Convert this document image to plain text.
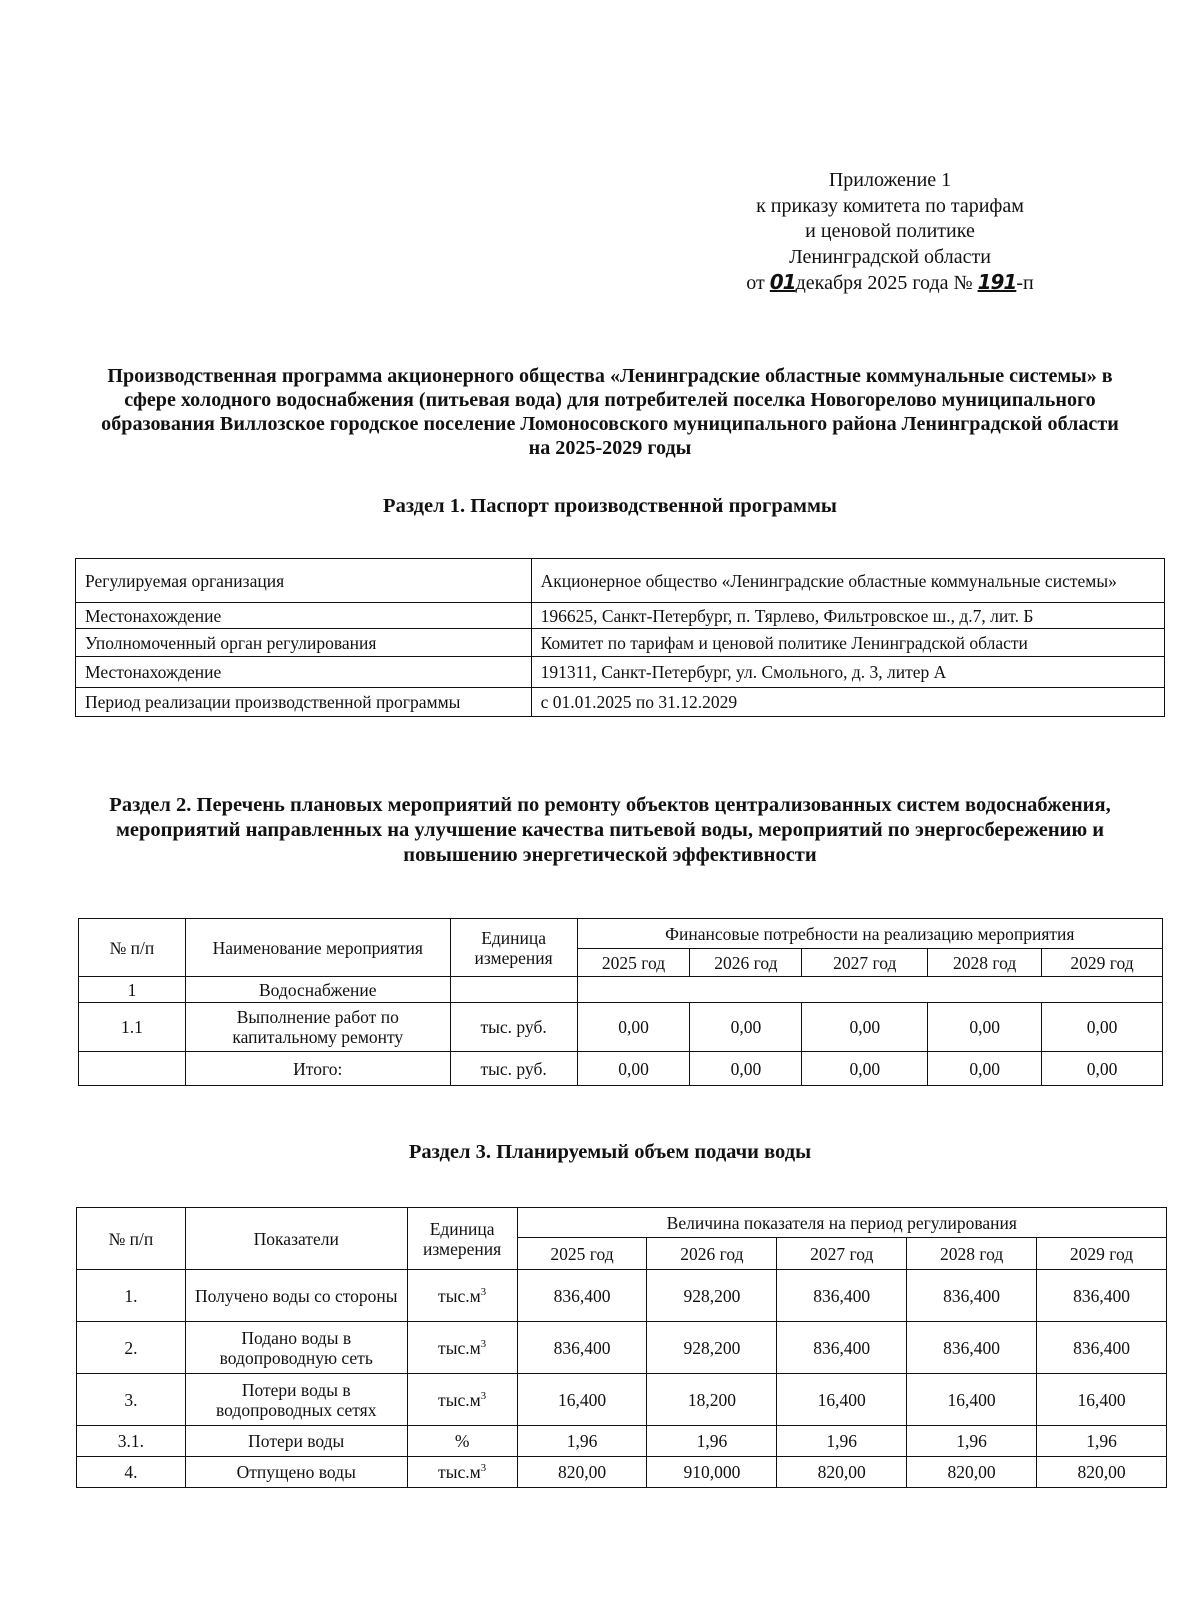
Приложение 1
к приказу комитета по тарифам
и ценовой политике
Ленинградской области
от 01декабря 2025 года № 191-п
Производственная программа акционерного общества «Ленинградские областные коммунальные системы» в сфере холодного водоснабжения (питьевая вода) для потребителей поселка Новогорелово муниципального образования Виллозское городское поселение Ломоносовского муниципального района Ленинградской области на 2025-2029 годы
Раздел 1. Паспорт производственной программы
Регулируемая организация	Акционерное общество «Ленинградские областные коммунальные системы»
Местонахождение	196625, Санкт-Петербург, п. Тярлево, Фильтровское ш., д.7, лит. Б
Уполномоченный орган регулирования	Комитет по тарифам и ценовой политике Ленинградской области
Местонахождение	191311, Санкт-Петербург, ул. Смольного, д. 3, литер А
Период реализации производственной программы	с 01.01.2025 по 31.12.2029
Раздел 2. Перечень плановых мероприятий по ремонту объектов централизованных систем водоснабжения, мероприятий направленных на улучшение качества питьевой воды, мероприятий по энергосбережению и повышению энергетической эффективности
№ п/п	Наименование мероприятия	Единица измерения	Финансовые потребности на реализацию мероприятия				
			2025 год	2026 год	2027 год	2028 год	2029 год
1	Водоснабжение						
1.1	Выполнение работ по капитальному ремонту	тыс. руб.	0,00	0,00	0,00	0,00	0,00
	Итого:	тыс. руб.	0,00	0,00	0,00	0,00	0,00
Раздел 3. Планируемый объем подачи воды
№ п/п	Показатели	Единица измерения	Величина показателя на период регулирования				
			2025 год	2026 год	2027 год	2028 год	2029 год
1.	Получено воды со стороны	$тыс.м^3$	836,400	928,200	836,400	836,400	836,400
2.	Подано воды в водопроводную сеть	$тыс.м^3$	836,400	928,200	836,400	836,400	836,400
3.	Потери воды в водопроводных сетях	$тыс.м^3$	16,400	18,200	16,400	16,400	16,400
3.1.	Потери воды	%	1,96	1,96	1,96	1,96	1,96
4.	Отпущено воды	$тыс.м^3$	820,00	910,000	820,00	820,00	820,00
